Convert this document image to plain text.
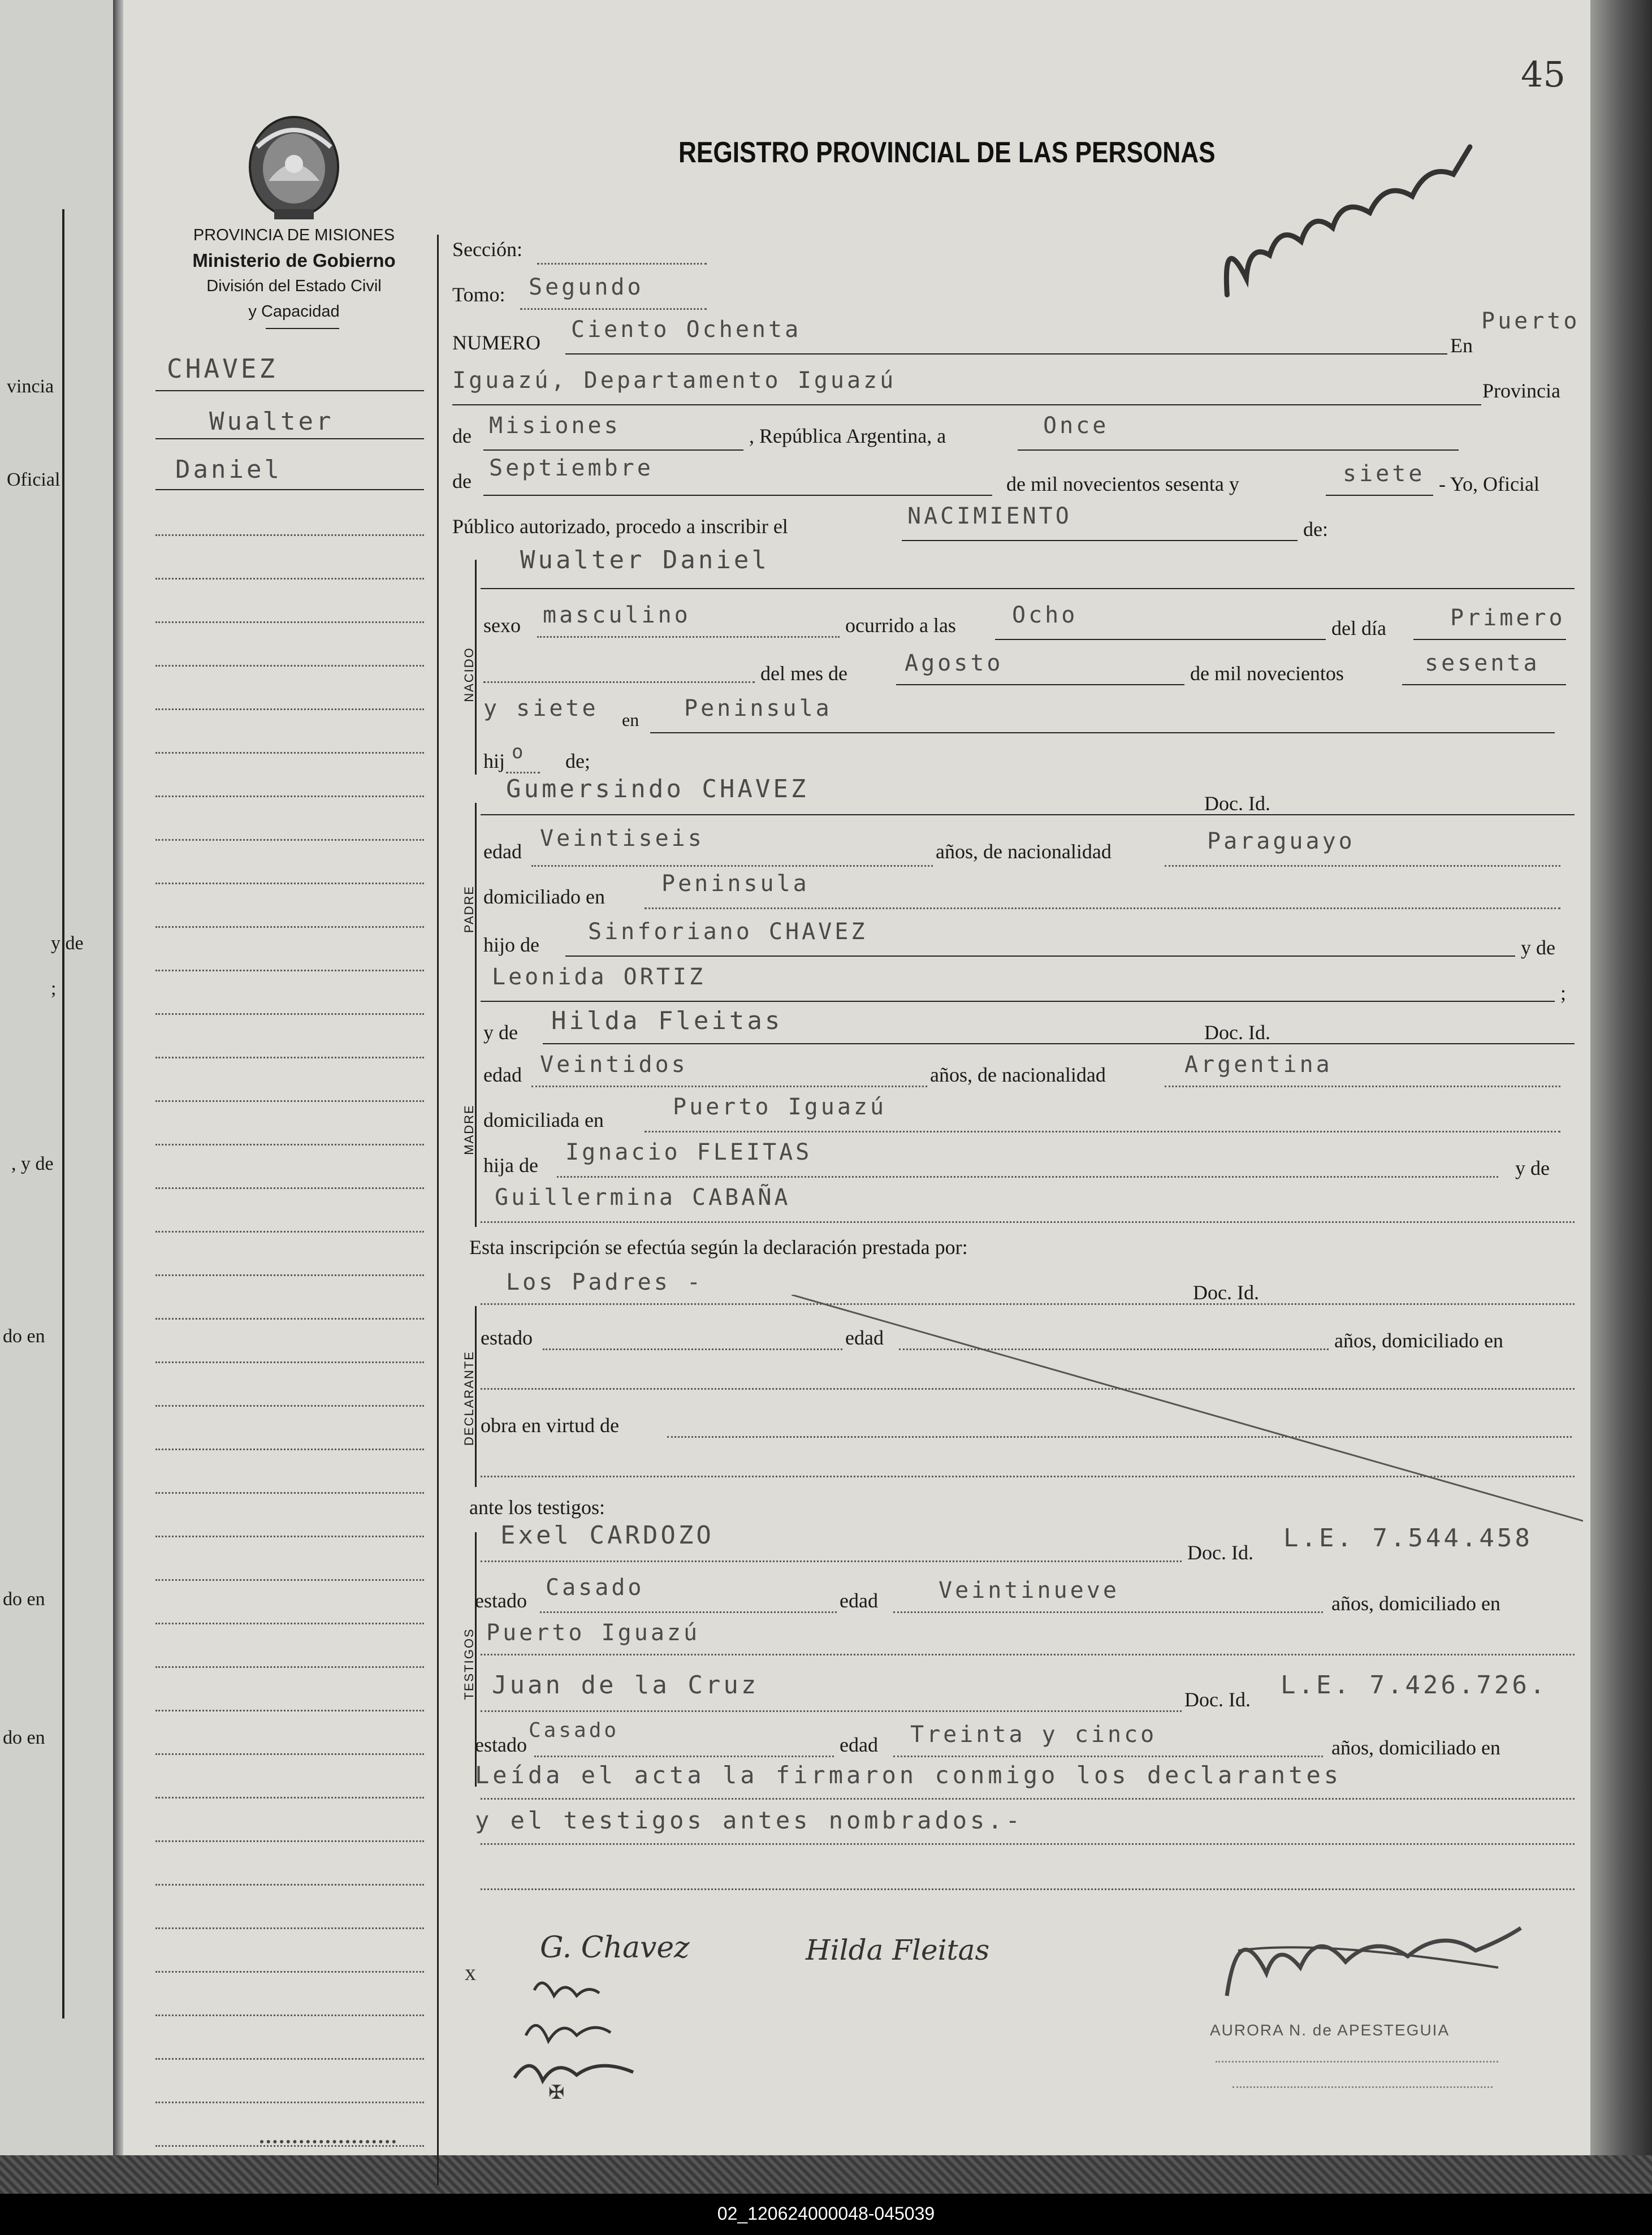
02_120624000048-045039
vincia
Oficial
y de
;
, y de
do en
do en
do en
45
PROVINCIA DE MISIONES
Ministerio de Gobierno
División del Estado Civil
y Capacidad
REGISTRO PROVINCIAL DE LAS PERSONAS
CHAVEZ
Wualter
Daniel
Sección:
Tomo: Segundo
NUMERO Ciento Ochenta
En
Puerto
Iguazú, Departamento Iguazú	Provincia
de Misiones	, República Argentina, a	Once
de Septiembre
de mil novecientos sesenta y	siete - Yo, Oficial
Público autorizado, procedo a inscribir el	NACIMIENTO	de:
NACIDO
Wualter Daniel
sexo masculino	ocurrido a las Ocho	del día	Primero
del mes de	Agosto	de mil novecientos	sesenta
y siete en Peninsula
hij o de;
PADRE
Gumersindo CHAVEZ	Doc. Id.
edad Veintiseis	años, de nacionalidad	Paraguayo
domiciliado en	Peninsula
hijo de Sinforiano CHAVEZ
y de
Leonida ORTIZ
;
MADRE
y de Hilda Fleitas	Doc. Id.
edad Veintidos	años, de nacionalidad	Argentina
domiciliada en	Puerto Iguazú
hija de Ignacio FLEITAS
y de
Guillermina CABAÑA
Esta inscripción se efectúa según la declaración prestada por:
Los Padres -	Doc. Id.
DECLARANTE
estado	edad	años, domiciliado en
obra en virtud de
ante los testigos:
TESTIGOS
Exel CARDOZO
Doc. Id. L.E. 7.544.458
estado Casado	edad	Veintinueve	años, domiciliado en
Puerto Iguazú
Juan de la Cruz	Doc. Id. L.E. 7.426.726.
estado
Casado
edad Treinta y cinco	años, domiciliado en
Leída el acta la firmaron conmigo los declarantes
y el testigos antes nombrados.-
G. Chavez	Hilda Fleitas
x
✠
AURORA N. de APESTEGUIA
